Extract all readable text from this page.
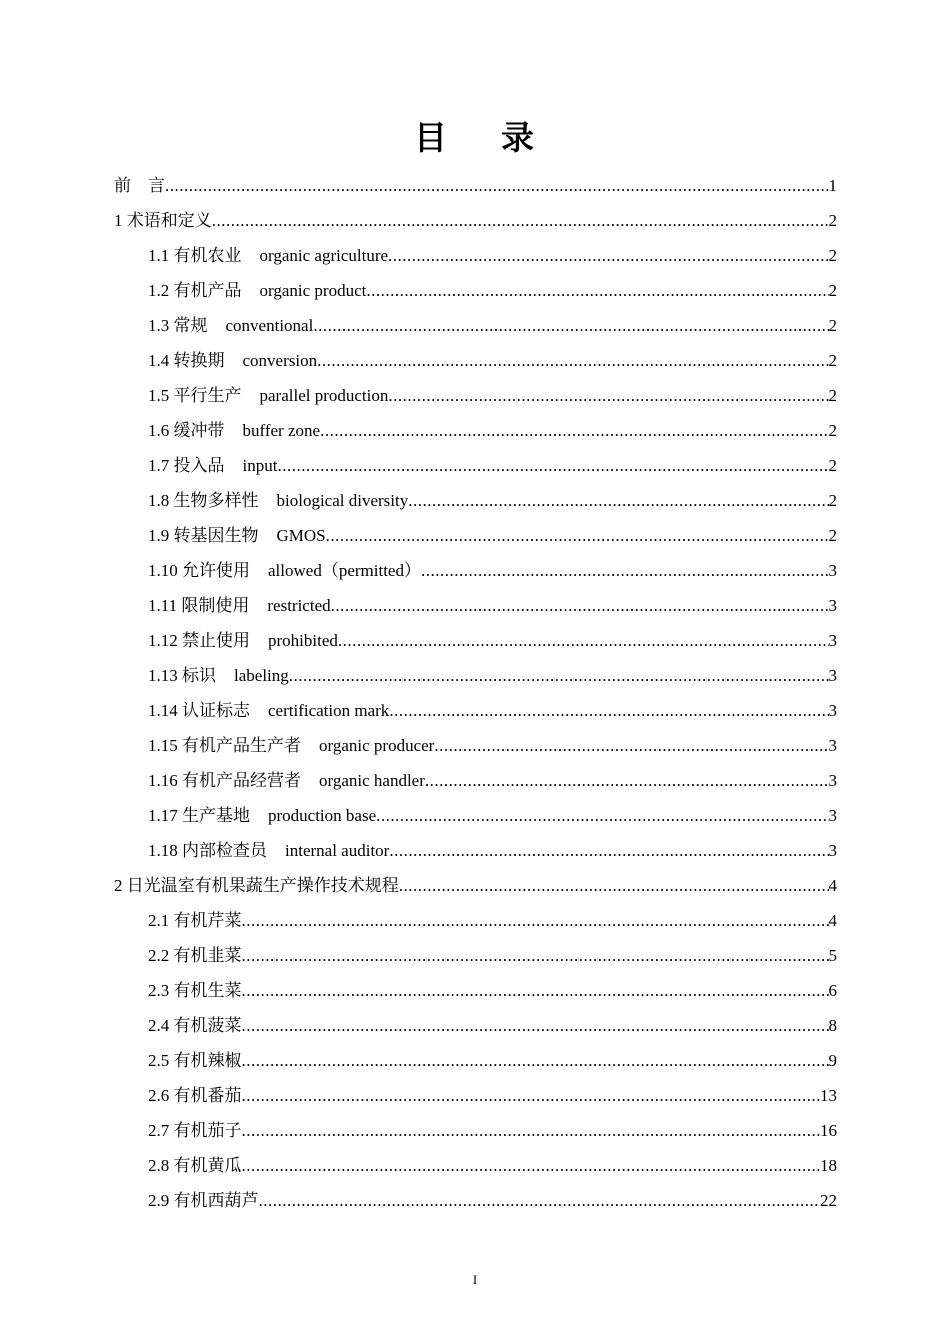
目 录
前　言 .....	1
1 术语和定义 .....	2
1.1 有机农业 organic agriculture .....	2
1.2 有机产品 organic product .....	2
1.3 常规 conventional .....	2
1.4 转换期 conversion .....	2
1.5 平行生产 parallel production .....	2
1.6 缓冲带 buffer zone .....	2
1.7 投入品 input .....	2
1.8 生物多样性 biological diversity .....	2
1.9 转基因生物 GMOS .....	2
1.10 允许使用 allowed（permitted） .....	3
1.11 限制使用 restricted .....	3
1.12 禁止使用 prohibited .....	3
1.13 标识 labeling .....	3
1.14 认证标志 certification mark .....	3
1.15 有机产品生产者 organic producer .....	3
1.16 有机产品经营者 organic handler .....	3
1.17 生产基地 production base .....	3
1.18 内部检查员 internal auditor .....	3
2 日光温室有机果蔬生产操作技术规程 .....	4
2.1 有机芹菜 .....	4
2.2 有机韭菜 .....	5
2.3 有机生菜 .....	6
2.4 有机菠菜 .....	8
2.5 有机辣椒 .....	9
2.6 有机番茄 .....	13
2.7 有机茄子 .....	16
2.8 有机黄瓜 .....	18
2.9 有机西葫芦 .....	22
I
